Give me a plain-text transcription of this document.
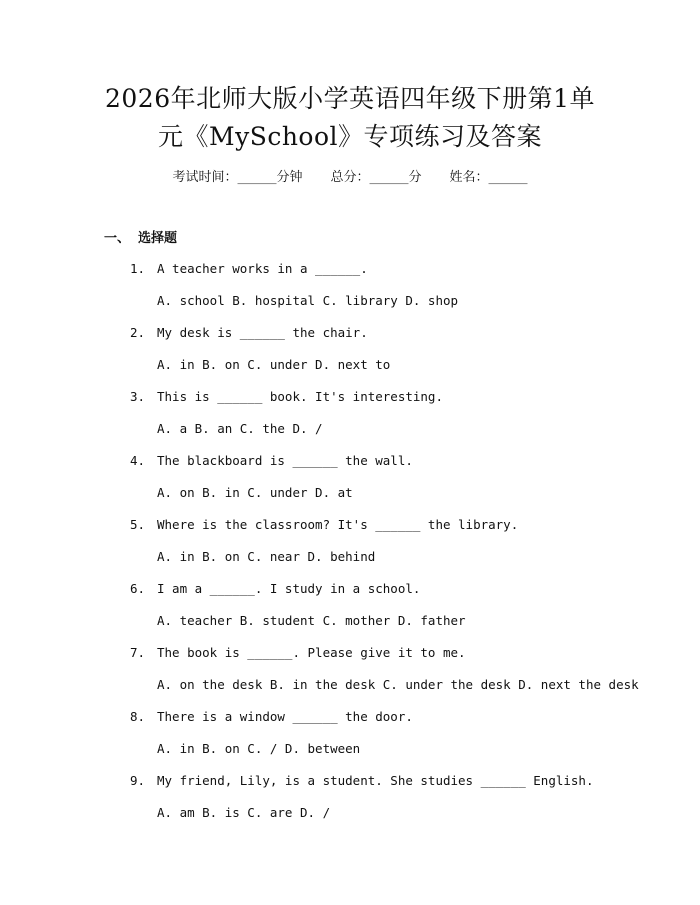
2026年北师大版小学英语四年级下册第1单
元《MySchool》专项练习及答案
考试时间：______分钟 总分：______分 姓名：______
一、 选择题
1. A teacher works in a ______.
A. school B. hospital C. library D. shop
2. My desk is ______ the chair.
A. in B. on C. under D. next to
3. This is ______ book. It's interesting.
A. a B. an C. the D. /
4. The blackboard is ______ the wall.
A. on B. in C. under D. at
5. Where is the classroom? It's ______ the library.
A. in B. on C. near D. behind
6. I am a ______. I study in a school.
A. teacher B. student C. mother D. father
7. The book is ______. Please give it to me.
A. on the desk B. in the desk C. under the desk D. next the desk
8. There is a window ______ the door.
A. in B. on C. / D. between
9. My friend, Lily, is a student. She studies ______ English.
A. am B. is C. are D. /
